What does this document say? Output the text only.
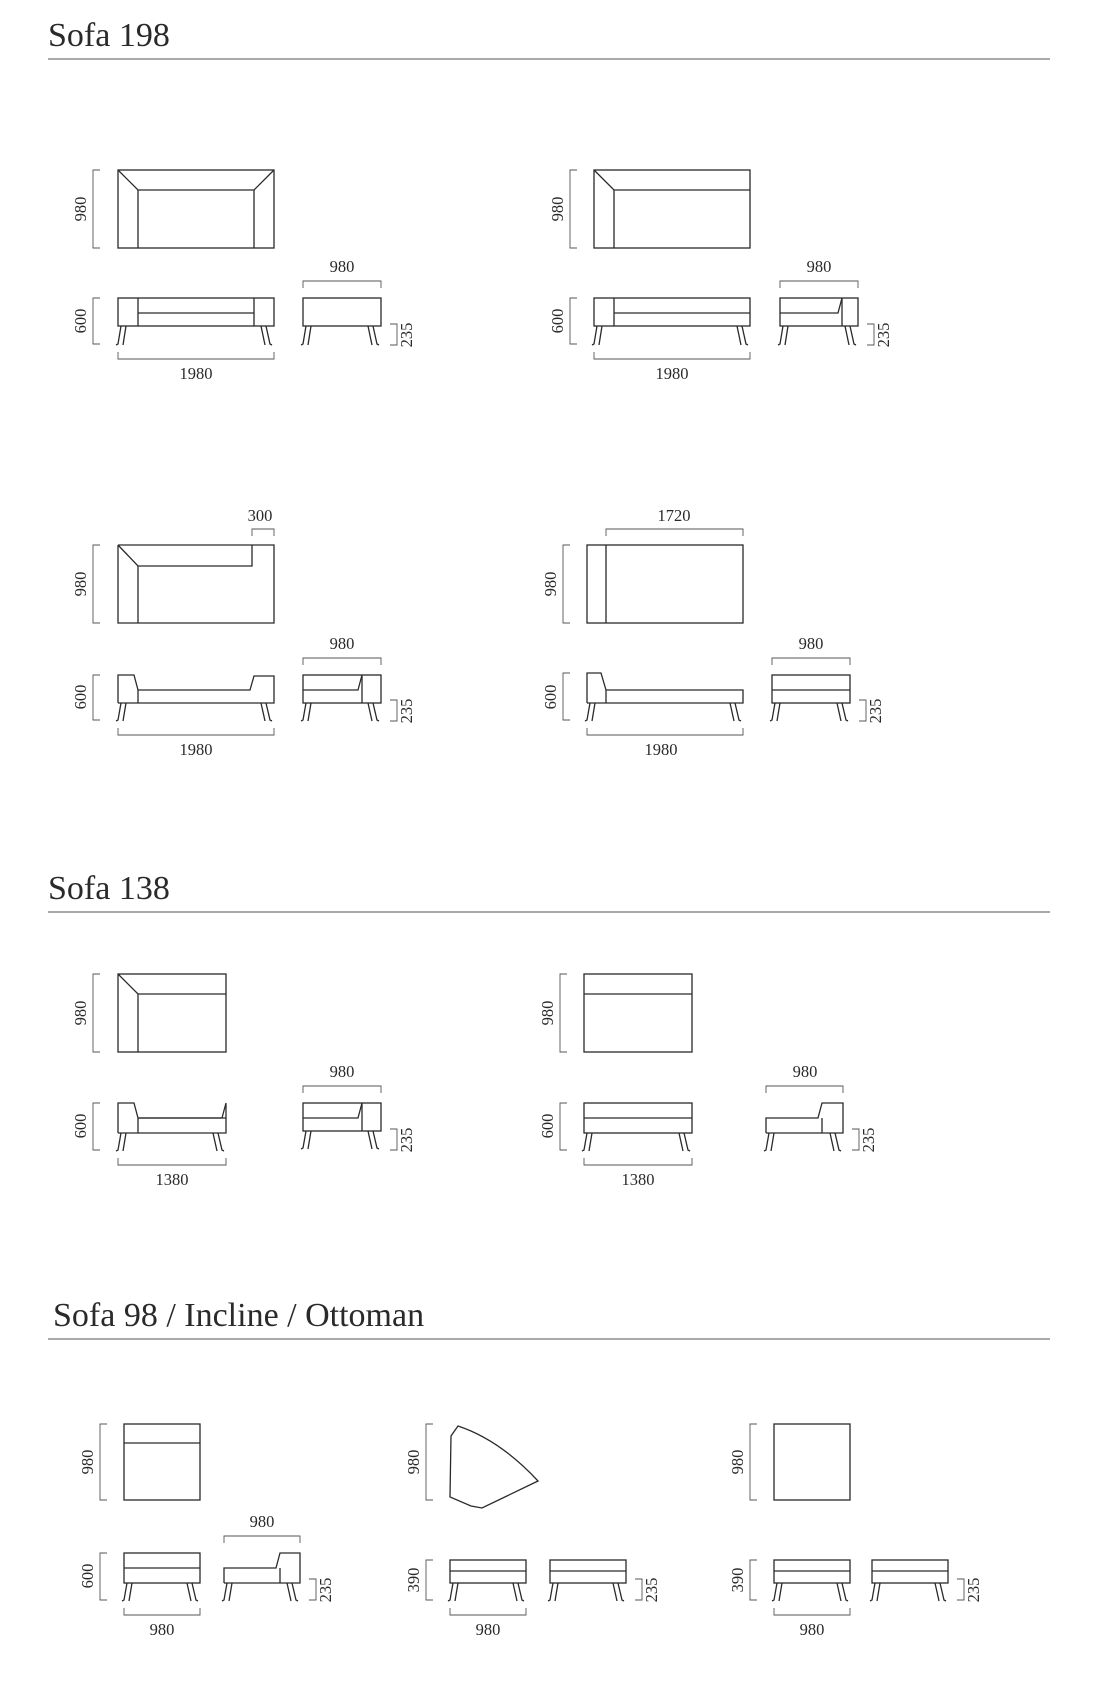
Sofa 198
980
600
1980
980
235
980
600
1980
980
235
300
980
600
1980
980
235
1720
980
600
1980
980
235
Sofa 138
980
600
1380
980
235
980
600
1380
980
235
Sofa 98 / Incline / Ottoman
980
600
980
980
235
980
390
980
235
980
390
980
235
